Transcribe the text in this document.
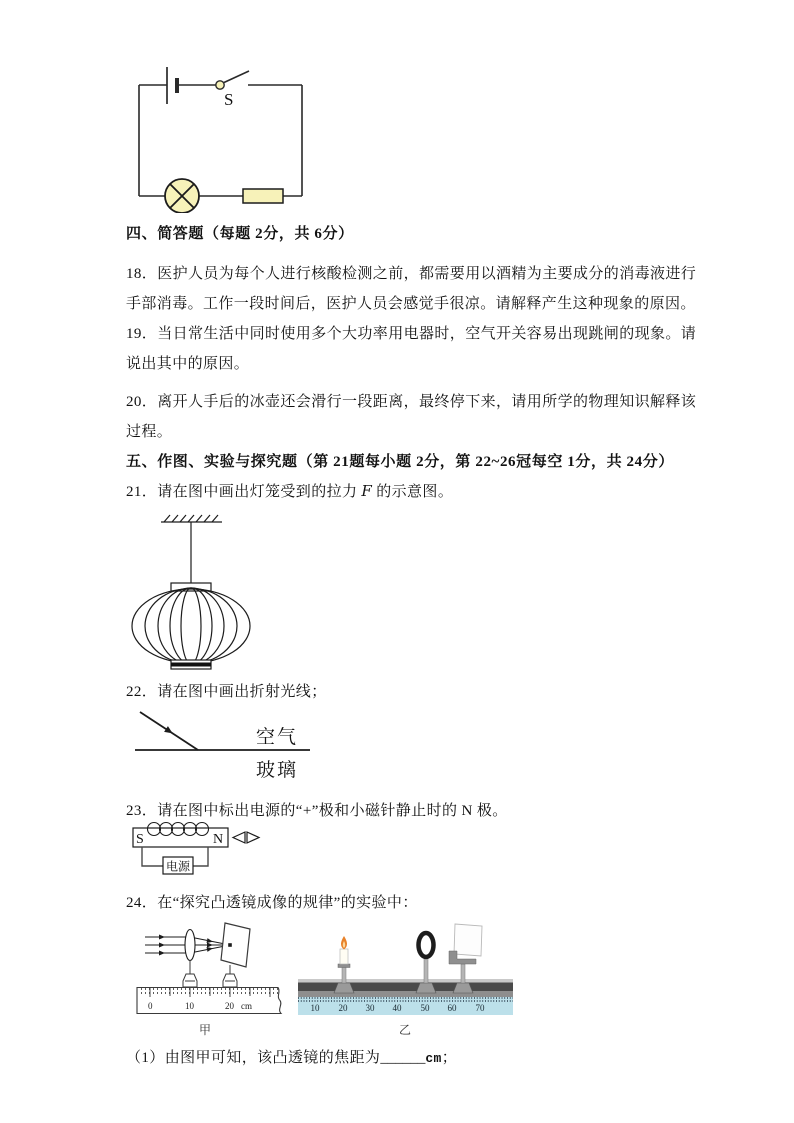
S
四、简答题（每题 2分，共 6分）
18．医护人员为每个人进行核酸检测之前，都需要用以酒精为主要成分的消毒液进行
手部消毒。工作一段时间后，医护人员会感觉手很凉。请解释产生这种现象的原因。
19．当日常生活中同时使用多个大功率用电器时，空气开关容易出现跳闸的现象。请
说出其中的原因。
20．离开人手后的冰壶还会滑行一段距离，最终停下来，请用所学的物理知识解释该
过程。
五、作图、实验与探究题（第 21题每小题 2分，第 22~26冠每空 1分，共 24分）
21．请在图中画出灯笼受到的拉力 F 的示意图。
22．请在图中画出折射光线；
空气
玻璃
23．请在图中标出电源的“+”极和小磁针静止时的 N 极。
S	N
电源
24．在“探究凸透镜成像的规律”的实验中：
0	10	20 cm	10 20 30 40 50 60 70
甲	乙
（1）由图甲可知，该凸透镜的焦距为______cm；
